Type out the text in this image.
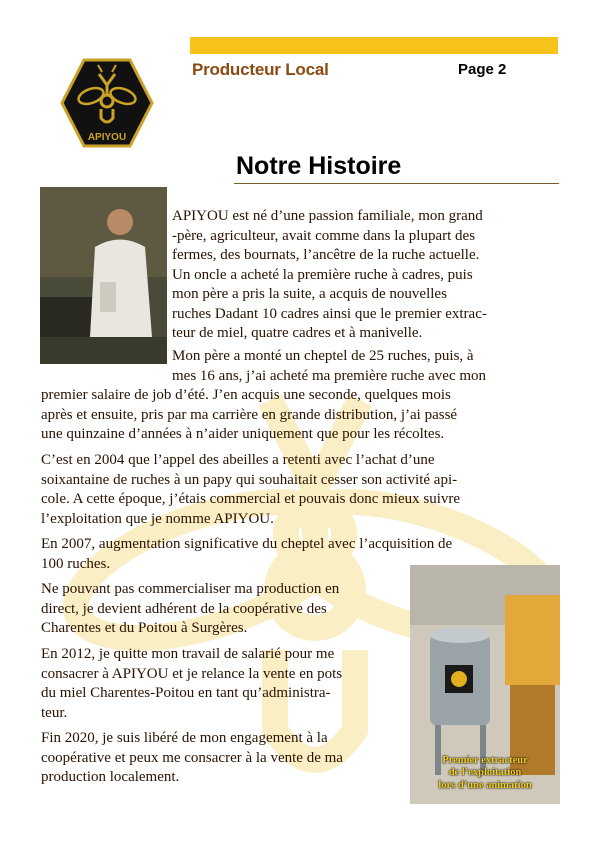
Producteur Local	Page 2
APIYOU
Notre Histoire

APIYOU est né d’une passion familiale, mon grand
-père, agriculteur, avait comme dans la plupart des
fermes, des bournats, l’ancêtre de la ruche actuelle.
Un oncle a acheté la première ruche à cadres, puis
mon père a pris la suite, a acquis de nouvelles
ruches Dadant 10 cadres ainsi que le premier extrac-
teur de miel, quatre cadres et à manivelle.

Mon père a monté un cheptel de 25 ruches, puis, à
mes 16 ans, j’ai acheté ma première ruche avec mon

premier salaire de job d’été. J’en acquis une seconde, quelques mois
après et ensuite, pris par ma carrière en grande distribution, j’ai passé
une quinzaine d’années à n’aider uniquement que pour les récoltes.

C’est en 2004 que l’appel des abeilles a retenti avec l’achat d’une
soixantaine de ruches à un papy qui souhaitait cesser son activité api-
cole. A cette époque, j’étais commercial et pouvais donc mieux suivre
l’exploitation que je nomme APIYOU.

En 2007, augmentation significative du cheptel avec l’acquisition de
100 ruches.

Ne pouvant pas commercialiser ma production en
direct, je devient adhérent de la coopérative des
Charentes et du Poitou à Surgères.

En 2012, je quitte mon travail de salarié pour me
consacrer à APIYOU et je relance la vente en pots
du miel Charentes-Poitou en tant qu’administra-
teur.

Fin 2020, je suis libéré de mon engagement à la
coopérative et peux me consacrer à la vente de ma
production localement.

Premier extracteur
de l’exploitation
lors d’une animation
